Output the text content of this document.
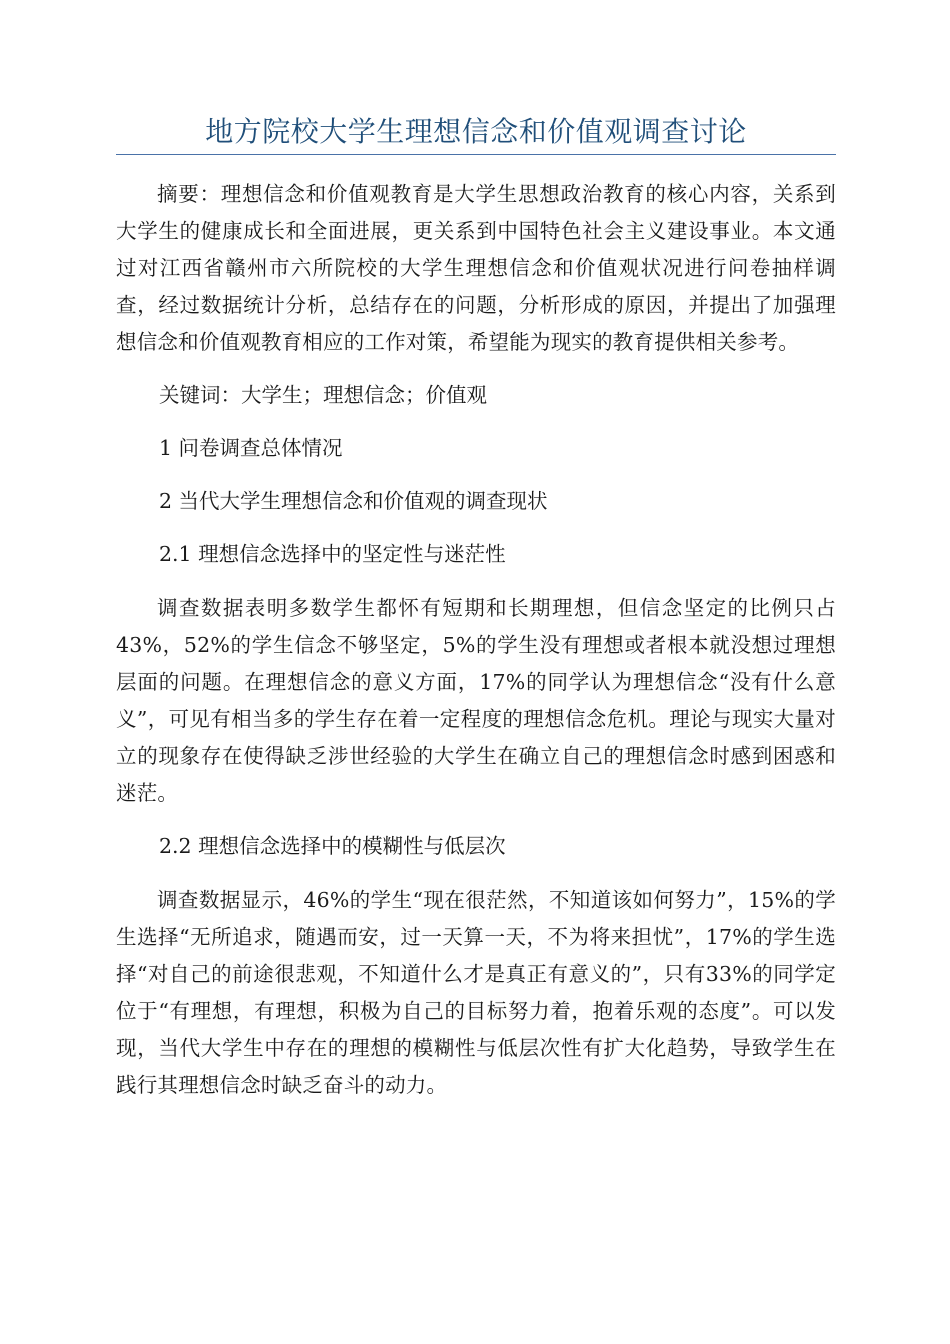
地方院校大学生理想信念和价值观调查讨论

摘要：理想信念和价值观教育是大学生思想政治教育的核心内容，关系到大学生的健康成长和全面进展，更关系到中国特色社会主义建设事业。本文通过对江西省赣州市六所院校的大学生理想信念和价值观状况进行问卷抽样调查，经过数据统计分析，总结存在的问题，分析形成的原因，并提出了加强理想信念和价值观教育相应的工作对策，希望能为现实的教育提供相关参考。

关键词：大学生；理想信念；价值观

1 问卷调查总体情况

2 当代大学生理想信念和价值观的调查现状

2.1 理想信念选择中的坚定性与迷茫性

调查数据表明多数学生都怀有短期和长期理想，但信念坚定的比例只占43%，52%的学生信念不够坚定，5%的学生没有理想或者根本就没想过理想层面的问题。在理想信念的意义方面，17%的同学认为理想信念“没有什么意义”，可见有相当多的学生存在着一定程度的理想信念危机。理论与现实大量对立的现象存在使得缺乏涉世经验的大学生在确立自己的理想信念时感到困惑和迷茫。

2.2 理想信念选择中的模糊性与低层次

调查数据显示，46%的学生“现在很茫然，不知道该如何努力”，15%的学生选择“无所追求，随遇而安，过一天算一天，不为将来担忧”，17%的学生选择“对自己的前途很悲观，不知道什么才是真正有意义的”，只有33%的同学定位于“有理想，有理想，积极为自己的目标努力着，抱着乐观的态度”。可以发现，当代大学生中存在的理想的模糊性与低层次性有扩大化趋势，导致学生在践行其理想信念时缺乏奋斗的动力。
